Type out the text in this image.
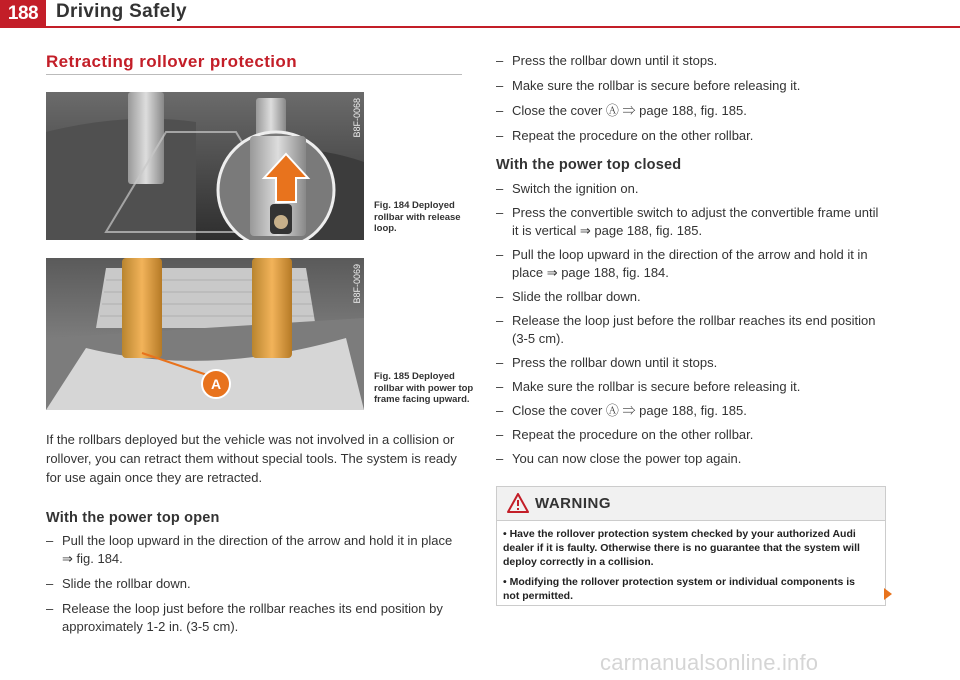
188 Driving Safely
Retracting rollover protection
B8F-0068
Fig. 184 Deployed rollbar with release loop.
A
B8F-0069
Fig. 185 Deployed rollbar with power top frame facing upward.

If the rollbars deployed but the vehicle was not involved in a collision or rollover, you can retract them without special tools. The system is ready for use again once they are retracted.

With the power top open
– Pull the loop upward in the direction of the arrow and hold it in place ⇒ fig. 184.
– Slide the rollbar down.
– Release the loop just before the rollbar reaches its end position by approximately 1-2 in. (3-5 cm).
– Press the rollbar down until it stops.
– Make sure the rollbar is secure before releasing it.
– Close the cover Ⓐ ⇒ page 188, fig. 185.
– Repeat the procedure on the other rollbar.
With the power top closed
– Switch the ignition on.
– Press the convertible switch to adjust the convertible frame until it is vertical ⇒ page 188, fig. 185.
– Pull the loop upward in the direction of the arrow and hold it in place ⇒ page 188, fig. 184.
– Slide the rollbar down.
– Release the loop just before the rollbar reaches its end position (3-5 cm).
– Press the rollbar down until it stops.
– Make sure the rollbar is secure before releasing it.
– Close the cover Ⓐ ⇒ page 188, fig. 185.
– Repeat the procedure on the other rollbar.
– You can now close the power top again.
WARNING
• Have the rollover protection system checked by your authorized Audi dealer if it is faulty. Otherwise there is no guarantee that the system will deploy correctly in a collision.
• Modifying the rollover protection system or individual components is not permitted.
carmanualsonline.info
